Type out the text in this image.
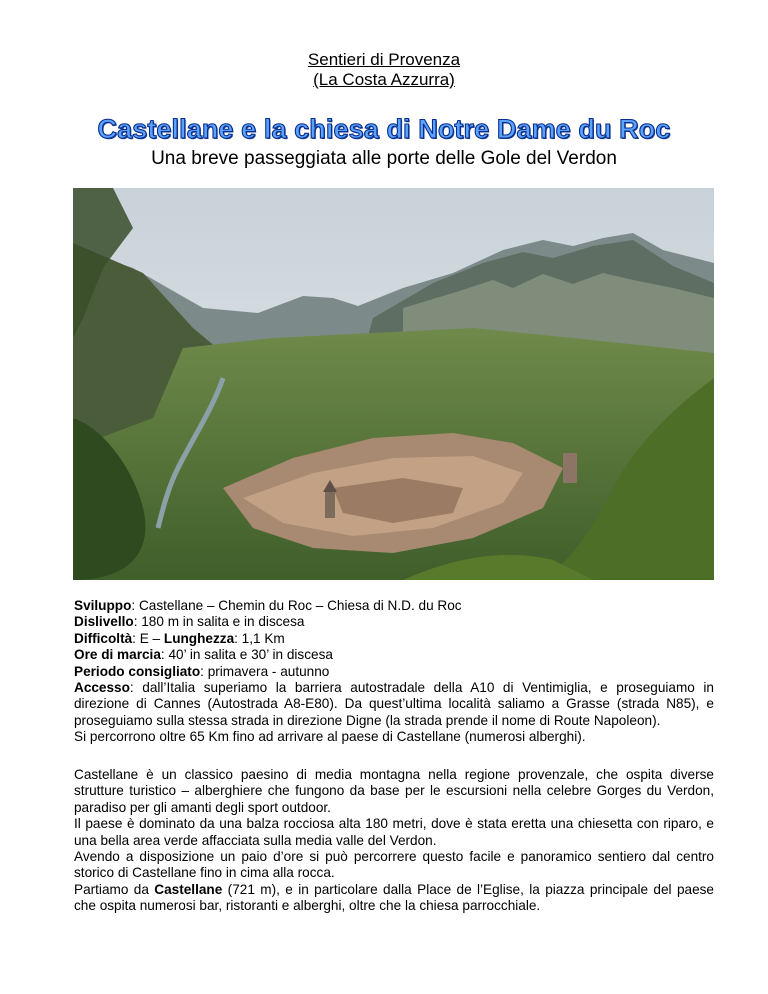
Sentieri di Provenza
(La Costa Azzurra)
Castellane e la chiesa di Notre Dame du Roc
Una breve passeggiata alle porte delle Gole del Verdon

Sviluppo: Castellane – Chemin du Roc – Chiesa di N.D. du Roc

Dislivello: 180 m in salita e in discesa

Difficoltà: E – Lunghezza: 1,1 Km

Ore di marcia: 40’ in salita e 30’ in discesa

Periodo consigliato: primavera - autunno

Accesso: dall’Italia superiamo la barriera autostradale della A10 di Ventimiglia, e proseguiamo in direzione di Cannes (Autostrada A8-E80). Da quest’ultima località saliamo a Grasse (strada N85), e proseguiamo sulla stessa strada in direzione Digne (la strada prende il nome di Route Napoleon).

Si percorrono oltre 65 Km fino ad arrivare al paese di Castellane (numerosi alberghi).

Castellane è un classico paesino di media montagna nella regione provenzale, che ospita diverse strutture turistico – alberghiere che fungono da base per le escursioni nella celebre Gorges du Verdon, paradiso per gli amanti degli sport outdoor.

Il paese è dominato da una balza rocciosa alta 180 metri, dove è stata eretta una chiesetta con riparo, e una bella area verde affacciata sulla media valle del Verdon.

Avendo a disposizione un paio d’ore si può percorrere questo facile e panoramico sentiero dal centro storico di Castellane fino in cima alla rocca.

Partiamo da Castellane (721 m), e in particolare dalla Place de l’Eglise, la piazza principale del paese che ospita numerosi bar, ristoranti e alberghi, oltre che la chiesa parrocchiale.
